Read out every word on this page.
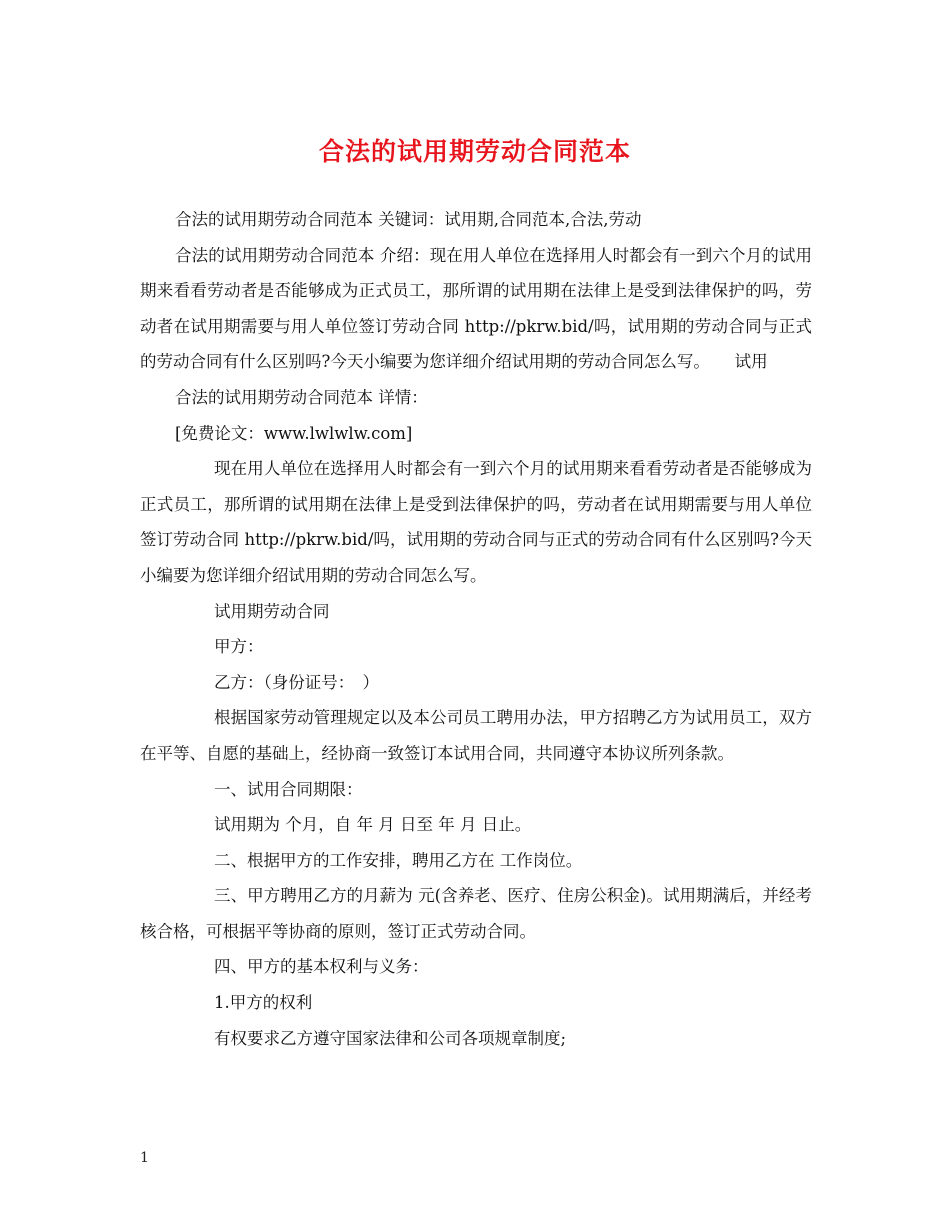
合法的试用期劳动合同范本

合法的试用期劳动合同范本 关键词：试用期,合同范本,合法,劳动

合法的试用期劳动合同范本 介绍：现在用人单位在选择用人时都会有一到六个月的试用期来看看劳动者是否能够成为正式员工，那所谓的试用期在法律上是受到法律保护的吗，劳动者在试用期需要与用人单位签订劳动合同 http://pkrw.bid/吗，试用期的劳动合同与正式的劳动合同有什么区别吗?今天小编要为您详细介绍试用期的劳动合同怎么写。　　试用

合法的试用期劳动合同范本 详情：

[免费论文：www.lwlwlw.com]

现在用人单位在选择用人时都会有一到六个月的试用期来看看劳动者是否能够成为正式员工，那所谓的试用期在法律上是受到法律保护的吗，劳动者在试用期需要与用人单位签订劳动合同 http://pkrw.bid/吗，试用期的劳动合同与正式的劳动合同有什么区别吗?今天小编要为您详细介绍试用期的劳动合同怎么写。

试用期劳动合同

甲方：

乙方：（身份证号：　）

根据国家劳动管理规定以及本公司员工聘用办法，甲方招聘乙方为试用员工，双方在平等、自愿的基础上，经协商一致签订本试用合同，共同遵守本协议所列条款。

一、试用合同期限：

试用期为 个月，自 年 月 日至 年 月 日止。

二、根据甲方的工作安排，聘用乙方在 工作岗位。

三、甲方聘用乙方的月薪为 元(含养老、医疗、住房公积金)。试用期满后，并经考核合格，可根据平等协商的原则，签订正式劳动合同。

四、甲方的基本权利与义务：

1.甲方的权利

有权要求乙方遵守国家法律和公司各项规章制度;

1
